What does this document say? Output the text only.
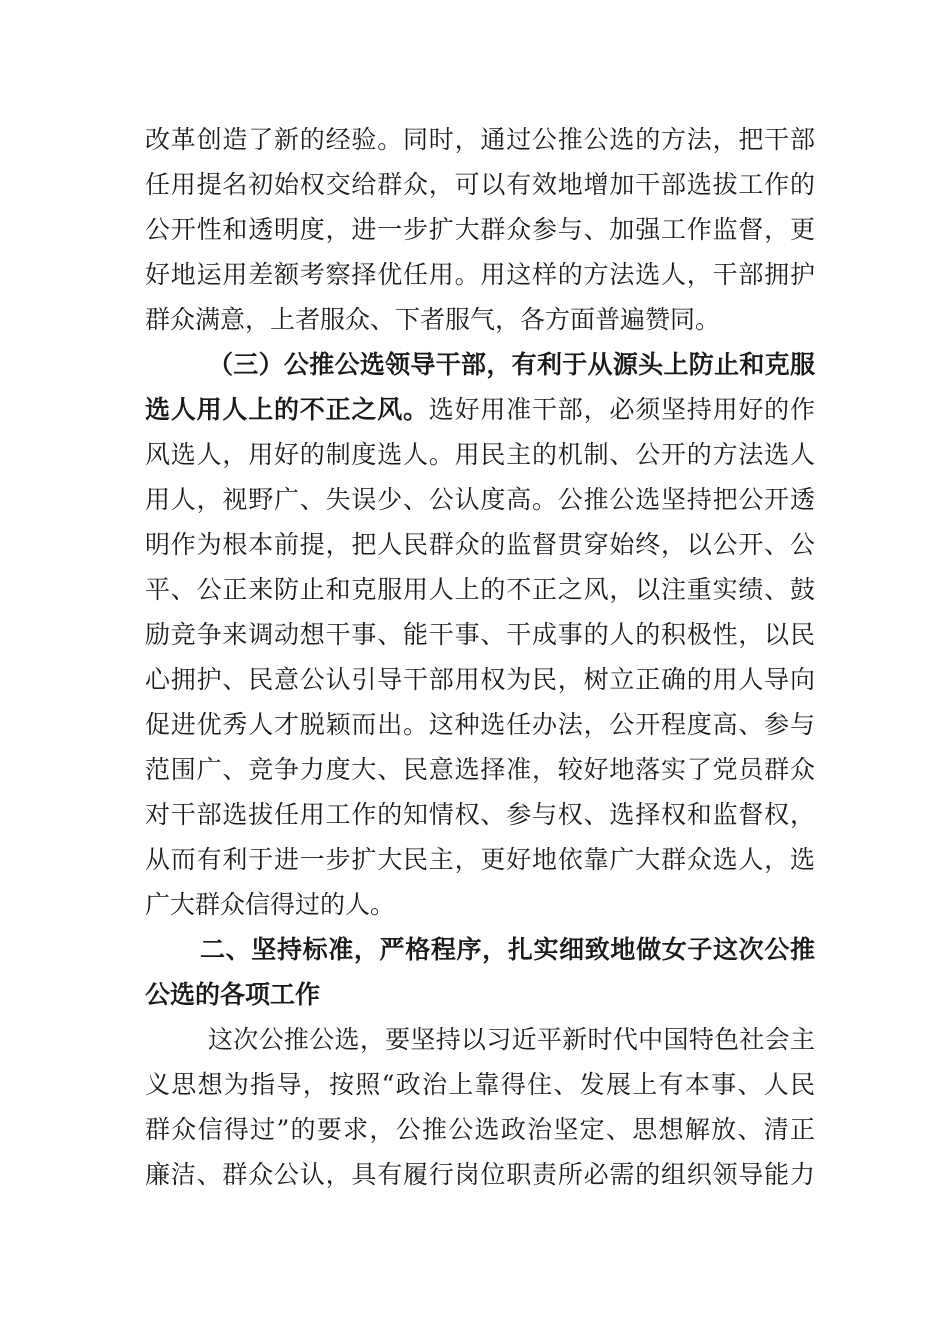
改革创造了新的经验。同时，通过公推公选的方法，把干部
任用提名初始权交给群众，可以有效地增加干部选拔工作的
公开性和透明度，进一步扩大群众参与、加强工作监督，更
好地运用差额考察择优任用。用这样的方法选人，干部拥护
群众满意，上者服众、下者服气，各方面普遍赞同。
（三）公推公选领导干部，有利于从源头上防止和克服
选人用人上的不正之风。选好用准干部，必须坚持用好的作
风选人，用好的制度选人。用民主的机制、公开的方法选人
用人，视野广、失误少、公认度高。公推公选坚持把公开透
明作为根本前提，把人民群众的监督贯穿始终，以公开、公
平、公正来防止和克服用人上的不正之风，以注重实绩、鼓
励竞争来调动想干事、能干事、干成事的人的积极性，以民
心拥护、民意公认引导干部用权为民，树立正确的用人导向
促进优秀人才脱颖而出。这种选任办法，公开程度高、参与
范围广、竞争力度大、民意选择准，较好地落实了党员群众
对干部选拔任用工作的知情权、参与权、选择权和监督权，
从而有利于进一步扩大民主，更好地依靠广大群众选人，选
广大群众信得过的人。
二、坚持标准，严格程序，扎实细致地做女子这次公推
公选的各项工作
这次公推公选，要坚持以习近平新时代中国特色社会主
义思想为指导，按照“政治上靠得住、发展上有本事、人民
群众信得过”的要求，公推公选政治坚定、思想解放、清正
廉洁、群众公认，具有履行岗位职责所必需的组织领导能力
